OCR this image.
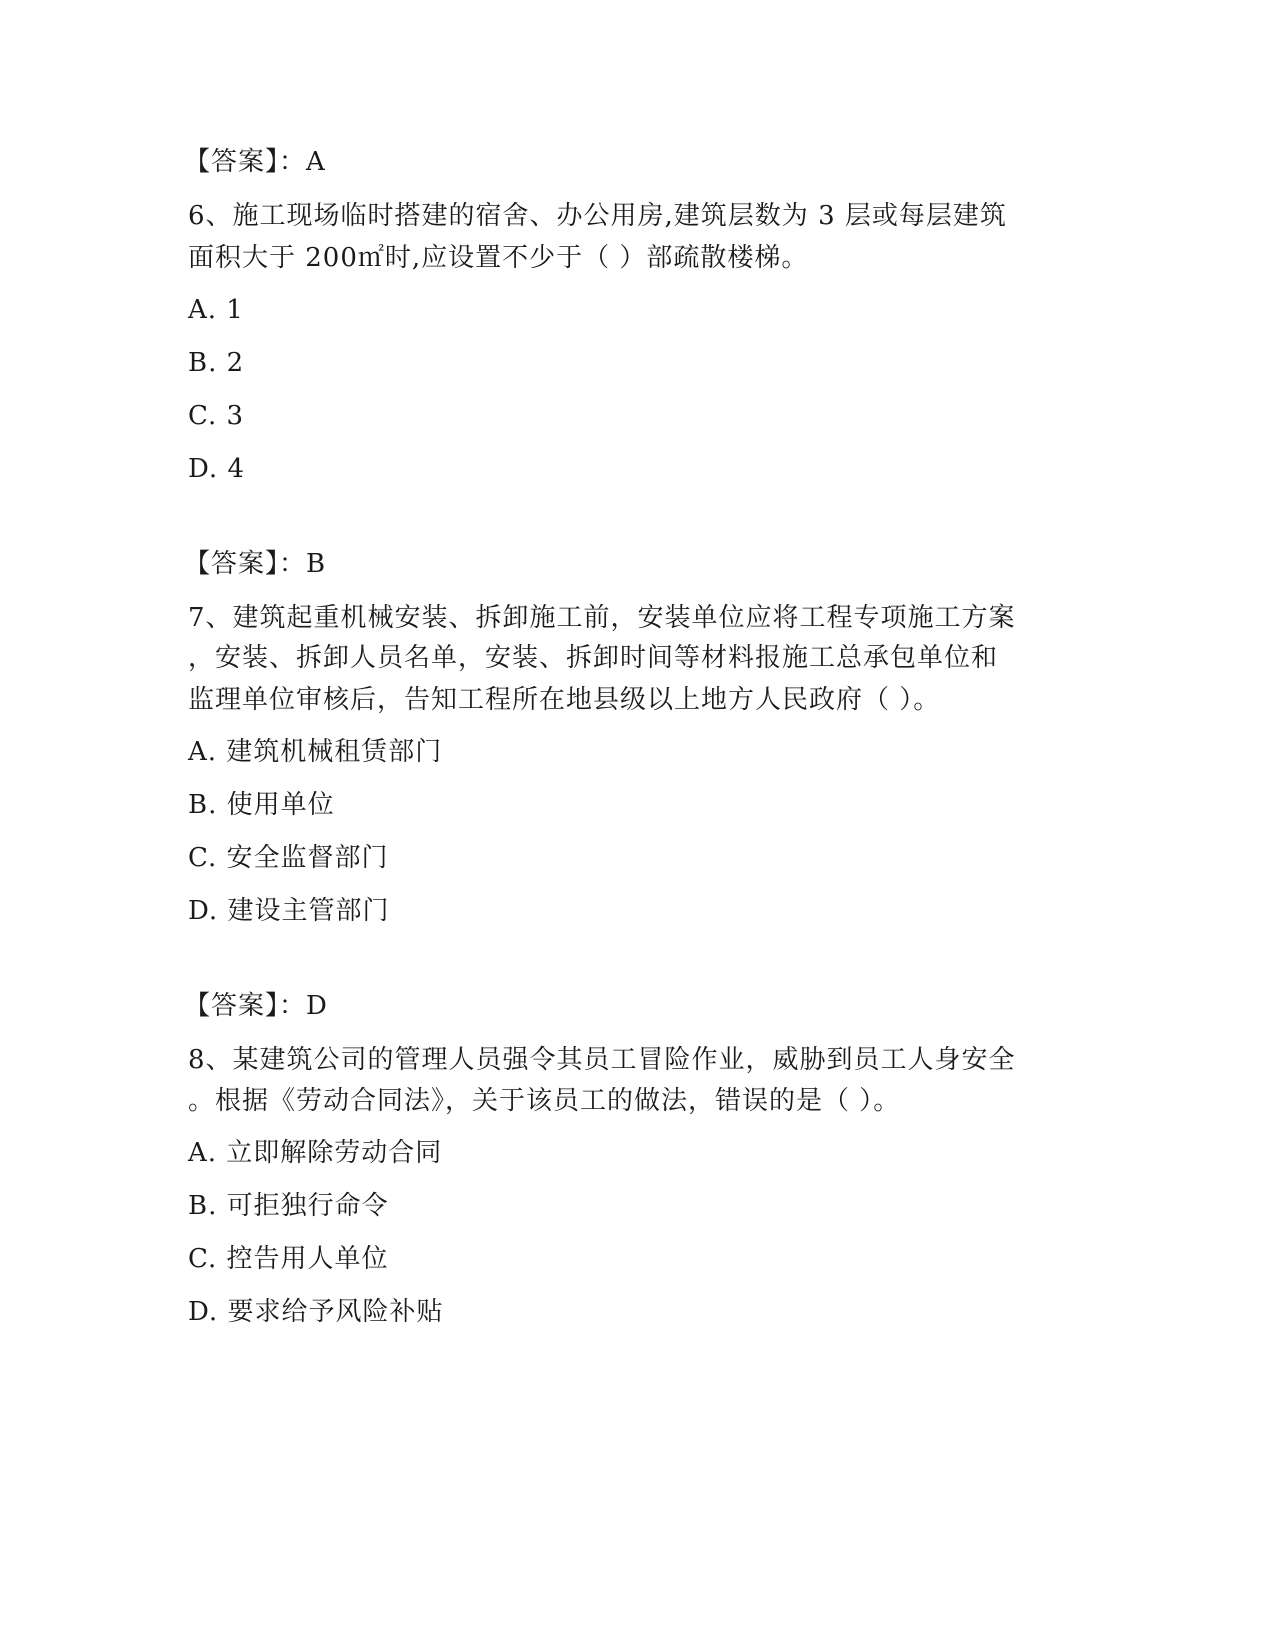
【答案】：A
6、施工现场临时搭建的宿舍、办公用房,建筑层数为 3 层或每层建筑
面积大于 200㎡时,应设置不少于（ ）部疏散楼梯。
A. 1
B. 2
C. 3
D. 4
【答案】：B
7、建筑起重机械安装、拆卸施工前，安装单位应将工程专项施工方案
，安装、拆卸人员名单，安装、拆卸时间等材料报施工总承包单位和
监理单位审核后，告知工程所在地县级以上地方人民政府（ ）。
A. 建筑机械租赁部门
B. 使用单位
C. 安全监督部门
D. 建设主管部门
【答案】：D
8、某建筑公司的管理人员强令其员工冒险作业，威胁到员工人身安全
。根据《劳动合同法》，关于该员工的做法，错误的是（ ）。
A. 立即解除劳动合同
B. 可拒独行命令
C. 控告用人单位
D. 要求给予风险补贴
